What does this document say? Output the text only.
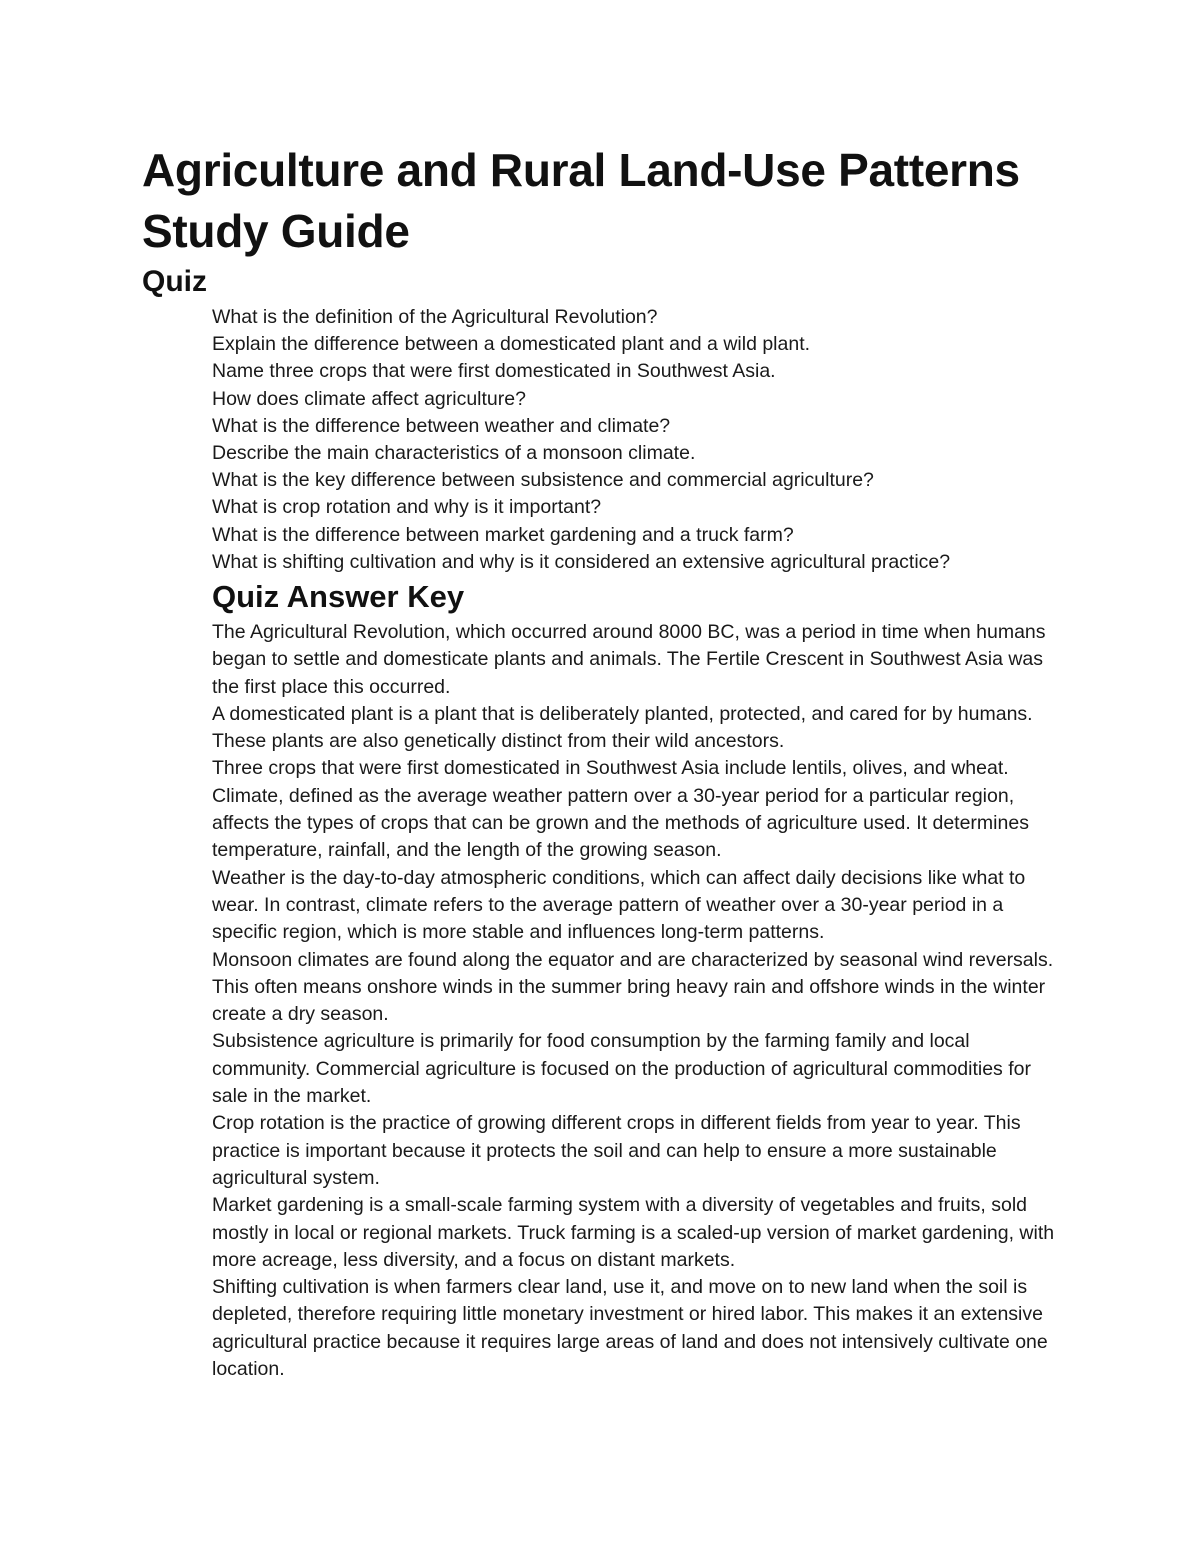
Agriculture and Rural Land-Use Patterns Study Guide
Quiz
What is the definition of the Agricultural Revolution?
Explain the difference between a domesticated plant and a wild plant.
Name three crops that were first domesticated in Southwest Asia.
How does climate affect agriculture?
What is the difference between weather and climate?
Describe the main characteristics of a monsoon climate.
What is the key difference between subsistence and commercial agriculture?
What is crop rotation and why is it important?
What is the difference between market gardening and a truck farm?
What is shifting cultivation and why is it considered an extensive agricultural practice?
Quiz Answer Key
The Agricultural Revolution, which occurred around 8000 BC, was a period in time when humans began to settle and domesticate plants and animals. The Fertile Crescent in Southwest Asia was the first place this occurred.
A domesticated plant is a plant that is deliberately planted, protected, and cared for by humans. These plants are also genetically distinct from their wild ancestors.
Three crops that were first domesticated in Southwest Asia include lentils, olives, and wheat.
Climate, defined as the average weather pattern over a 30-year period for a particular region, affects the types of crops that can be grown and the methods of agriculture used. It determines temperature, rainfall, and the length of the growing season.
Weather is the day-to-day atmospheric conditions, which can affect daily decisions like what to wear. In contrast, climate refers to the average pattern of weather over a 30-year period in a specific region, which is more stable and influences long-term patterns.
Monsoon climates are found along the equator and are characterized by seasonal wind reversals. This often means onshore winds in the summer bring heavy rain and offshore winds in the winter create a dry season.
Subsistence agriculture is primarily for food consumption by the farming family and local community. Commercial agriculture is focused on the production of agricultural commodities for sale in the market.
Crop rotation is the practice of growing different crops in different fields from year to year. This practice is important because it protects the soil and can help to ensure a more sustainable agricultural system.
Market gardening is a small-scale farming system with a diversity of vegetables and fruits, sold mostly in local or regional markets. Truck farming is a scaled-up version of market gardening, with more acreage, less diversity, and a focus on distant markets.
Shifting cultivation is when farmers clear land, use it, and move on to new land when the soil is depleted, therefore requiring little monetary investment or hired labor. This makes it an extensive agricultural practice because it requires large areas of land and does not intensively cultivate one location.
